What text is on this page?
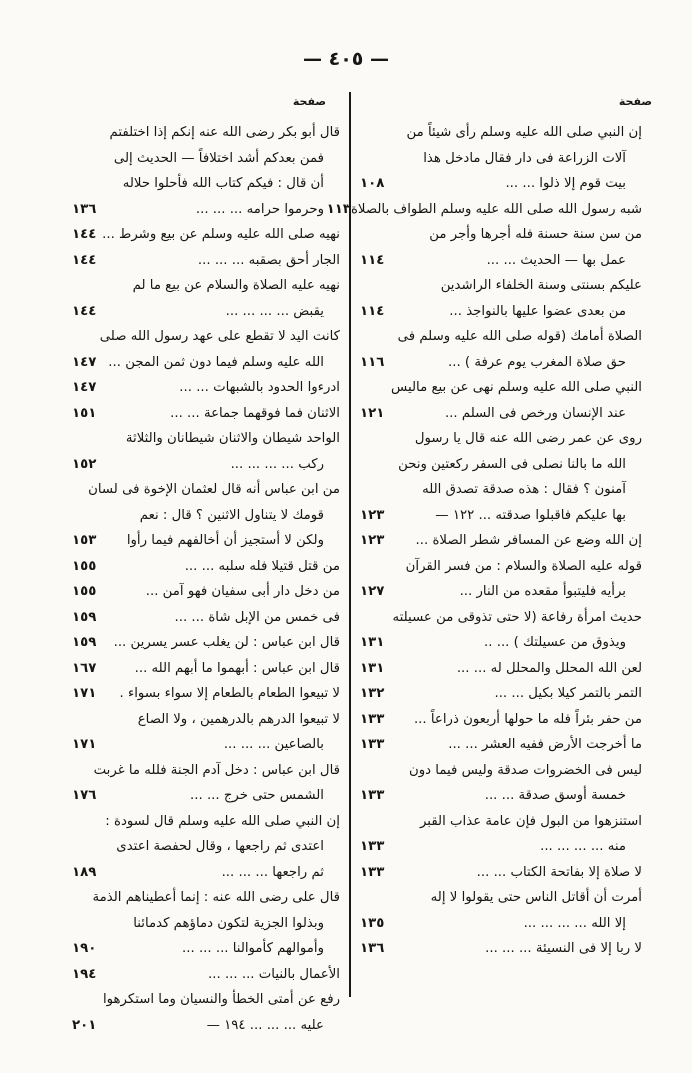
— ٤٠٥ —
صفحة
صفحة
إن النبي صلى الله عليه وسلم رأى شيئاً من
آلات الزراعة فى دار فقال مادخل هذا
بيت قوم إلا ذلوا ... ...
١٠٨
شبه رسول الله صلى الله عليه وسلم الطواف بالصلاة
١١٣
من سن سنة حسنة فله أجرها وأجر من
عمل بها — الحديث ... ...
١١٤
عليكم بسنتى وسنة الخلفاء الراشدين
من بعدى عضوا عليها بالنواجذ ...
١١٤
الصلاة أمامك (قوله صلى الله عليه وسلم فى
حق صلاة المغرب يوم عرفة ) ...
١١٦
النبي صلى الله عليه وسلم نهى عن بيع ماليس
عند الإنسان ورخص فى السلم ...
١٢١
روى عن عمر رضى الله عنه قال يا رسول
الله ما بالنا نصلى فى السفر ركعتين ونحن
آمنون ؟ فقال : هذه صدقة تصدق الله
بها عليكم فاقبلوا صدقته ... ١٢٢ —
١٢٣
إن الله وضع عن المسافر شطر الصلاة ...
١٢٣
قوله عليه الصلاة والسلام : من فسر القرآن
برأيه فليتبوأ مقعده من النار ...
١٢٧
حديث امرأة رفاعة (لا حتى تذوقى من عسيلته
ويذوق من عسيلتك ) ... ..
١٣١
لعن الله المحلل والمحلل له ... ...
١٣١
التمر بالتمر كيلا بكيل ... ...
١٣٢
من حفر بئراً فله ما حولها أربعون ذراعاً ...
١٣٣
ما أخرجت الأرض ففيه العشر ... ...
١٣٣
ليس فى الخضروات صدقة وليس فيما دون
خمسة أوسق صدقة ... ...
١٣٣
استنزهوا من البول فإن عامة عذاب القبر
منه ... ... ... ...
١٣٣
لا صلاة إلا بفاتحة الكتاب ... ...
١٣٣
أمرت أن أقاتل الناس حتى يقولوا لا إله
إلا الله ... ... ... ...
١٣٥
لا ربا إلا فى النسيئة ... ... ...
١٣٦
قال أبو بكر رضى الله عنه إنكم إذا اختلفتم
فمن بعدكم أشد اختلافاً — الحديث إلى
أن قال : فيكم كتاب الله فأحلوا حلاله
وحرموا حرامه ... ... ...
١٣٦
نهيه صلى الله عليه وسلم عن بيع وشرط ...
١٤٤
الجار أحق بصقبه ... ... ...
١٤٤
نهيه عليه الصلاة والسلام عن بيع ما لم
يقبض ... ... ... ...
١٤٤
كانت اليد لا تقطع على عهد رسول الله صلى
الله عليه وسلم فيما دون ثمن المجن ...
١٤٧
ادرءوا الحدود بالشبهات ... ...
١٤٧
الاثنان فما فوقهما جماعة ... ...
١٥١
الواحد شيطان والاثنان شيطانان والثلاثة
ركب ... ... ... ...
١٥٢
من ابن عباس أنه قال لعثمان الإخوة فى لسان
قومك لا يتناول الاثنين ؟ قال : نعم
ولكن لا أستجيز أن أخالفهم فيما رأوا
١٥٣
من قتل قتيلا فله سلبه ... ...
١٥٥
من دخل دار أبى سفيان فهو آمن ...
١٥٥
فى خمس من الإبل شاة ... ...
١٥٩
قال ابن عباس : لن يغلب عسر يسرين ...
١٥٩
قال ابن عباس : أبهموا ما أبهم الله ...
١٦٧
لا تبيعوا الطعام بالطعام إلا سواء بسواء .
١٧١
لا تبيعوا الدرهم بالدرهمين ، ولا الصاع
بالصاعين ... ... ...
١٧١
قال ابن عباس : دخل آدم الجنة فلله ما غربت
الشمس حتى خرج ... ...
١٧٦
إن النبي صلى الله عليه وسلم قال لسودة :
اعتدى ثم راجعها ، وقال لحفصة اعتدى
ثم راجعها ... ... ...
١٨٩
قال على رضى الله عنه : إنما أعطيناهم الذمة
وبذلوا الجزية لتكون دماؤهم كدمائنا
وأموالهم كأموالنا ... ... ...
١٩٠
الأعمال بالنيات ... ... ...
١٩٤
رفع عن أمتى الخطأ والنسيان وما استكرهوا
عليه ... ... ... ١٩٤ —
٢٠١
